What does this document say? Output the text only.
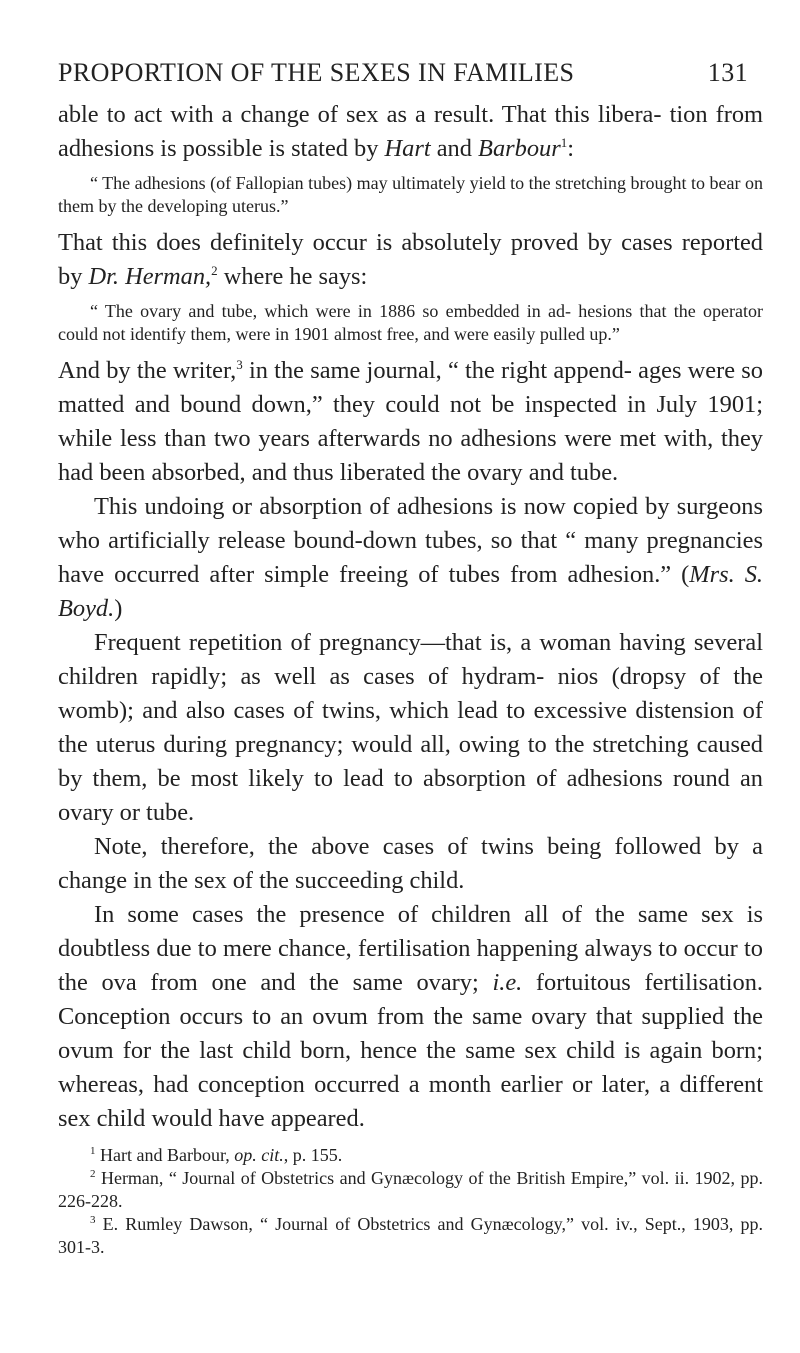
PROPORTION OF THE SEXES IN FAMILIES	131

able to act with a change of sex as a result. That this libera- tion from adhesions is possible is stated by Hart and Barbour$^1$:

“ The adhesions (of Fallopian tubes) may ultimately yield to the stretching brought to bear on them by the developing uterus.”

That this does definitely occur is absolutely proved by cases reported by Dr. Herman,$^2$ where he says:

“ The ovary and tube, which were in 1886 so embedded in ad- hesions that the operator could not identify them, were in 1901 almost free, and were easily pulled up.”

And by the writer,$^3$ in the same journal, “ the right append- ages were so matted and bound down,” they could not be inspected in July 1901; while less than two years afterwards no adhesions were met with, they had been absorbed, and thus liberated the ovary and tube.

This undoing or absorption of adhesions is now copied by surgeons who artificially release bound-down tubes, so that “ many pregnancies have occurred after simple freeing of tubes from adhesion.” (Mrs. S. Boyd.)

Frequent repetition of pregnancy—that is, a woman having several children rapidly; as well as cases of hydram- nios (dropsy of the womb); and also cases of twins, which lead to excessive distension of the uterus during pregnancy; would all, owing to the stretching caused by them, be most likely to lead to absorption of adhesions round an ovary or tube.

Note, therefore, the above cases of twins being followed by a change in the sex of the succeeding child.

In some cases the presence of children all of the same sex is doubtless due to mere chance, fertilisation happening always to occur to the ova from one and the same ovary; i.e. fortuitous fertilisation. Conception occurs to an ovum from the same ovary that supplied the ovum for the last child born, hence the same sex child is again born; whereas, had conception occurred a month earlier or later, a different sex child would have appeared.

$^1$ Hart and Barbour, op. cit., p. 155.

$^2$ Herman, “ Journal of Obstetrics and Gynæcology of the British Empire,” vol. ii. 1902, pp. 226-228.

$^3$ E. Rumley Dawson, “ Journal of Obstetrics and Gynæcology,” vol. iv., Sept., 1903, pp. 301-3.
